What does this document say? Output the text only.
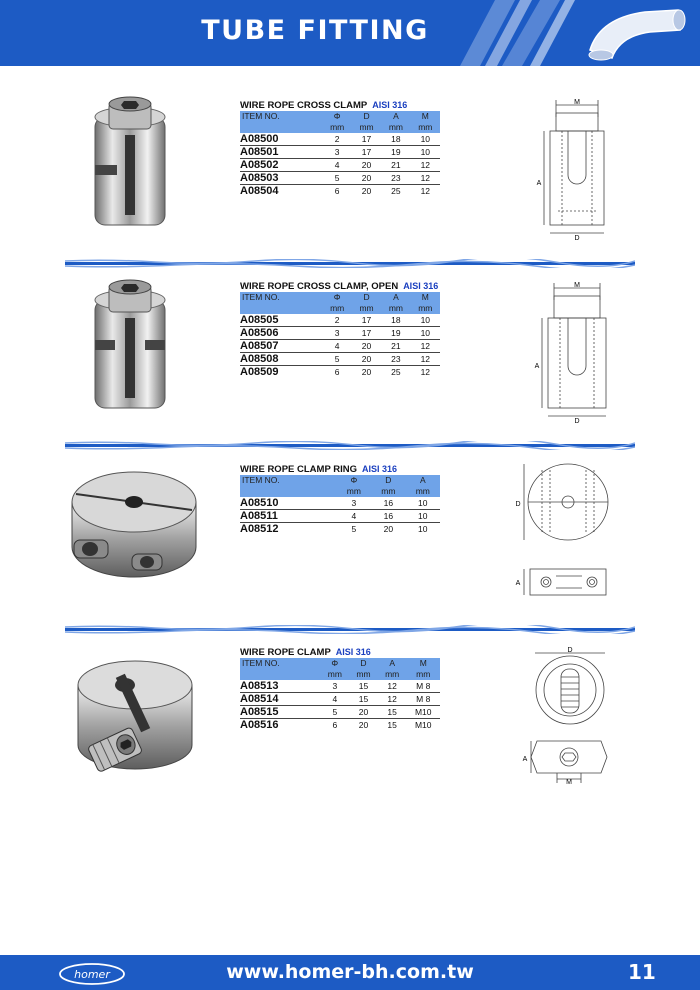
TUBE FITTING
WIRE ROPE CROSS CLAMP AISI 316
ITEM NO.	Φ	D	A	M
	mm	mm	mm	mm
A08500	2	17	18	10
A08501	3	17	19	10
A08502	4	20	21	12
A08503	5	20	23	12
A08504	6	20	25	12
M
A
D
WIRE ROPE CROSS CLAMP, OPEN AISI 316
ITEM NO.	Φ	D	A	M
	mm	mm	mm	mm
A08505	2	17	18	10
A08506	3	17	19	10
A08507	4	20	21	12
A08508	5	20	23	12
A08509	6	20	25	12
M
A
D
WIRE ROPE CLAMP RING AISI 316
ITEM NO.	Φ	D	A
	mm	mm	mm
A08510	3	16	10
A08511	4	16	10
A08512	5	20	10
D
A
WIRE ROPE CLAMP AISI 316
ITEM NO.	Φ	D	A	M
	mm	mm	mm	mm
A08513	3	15	12	M 8
A08514	4	15	12	M 8
A08515	5	20	15	M10
A08516	6	20	15	M10
D
A
M
homer	www.homer-bh.com.tw	11
